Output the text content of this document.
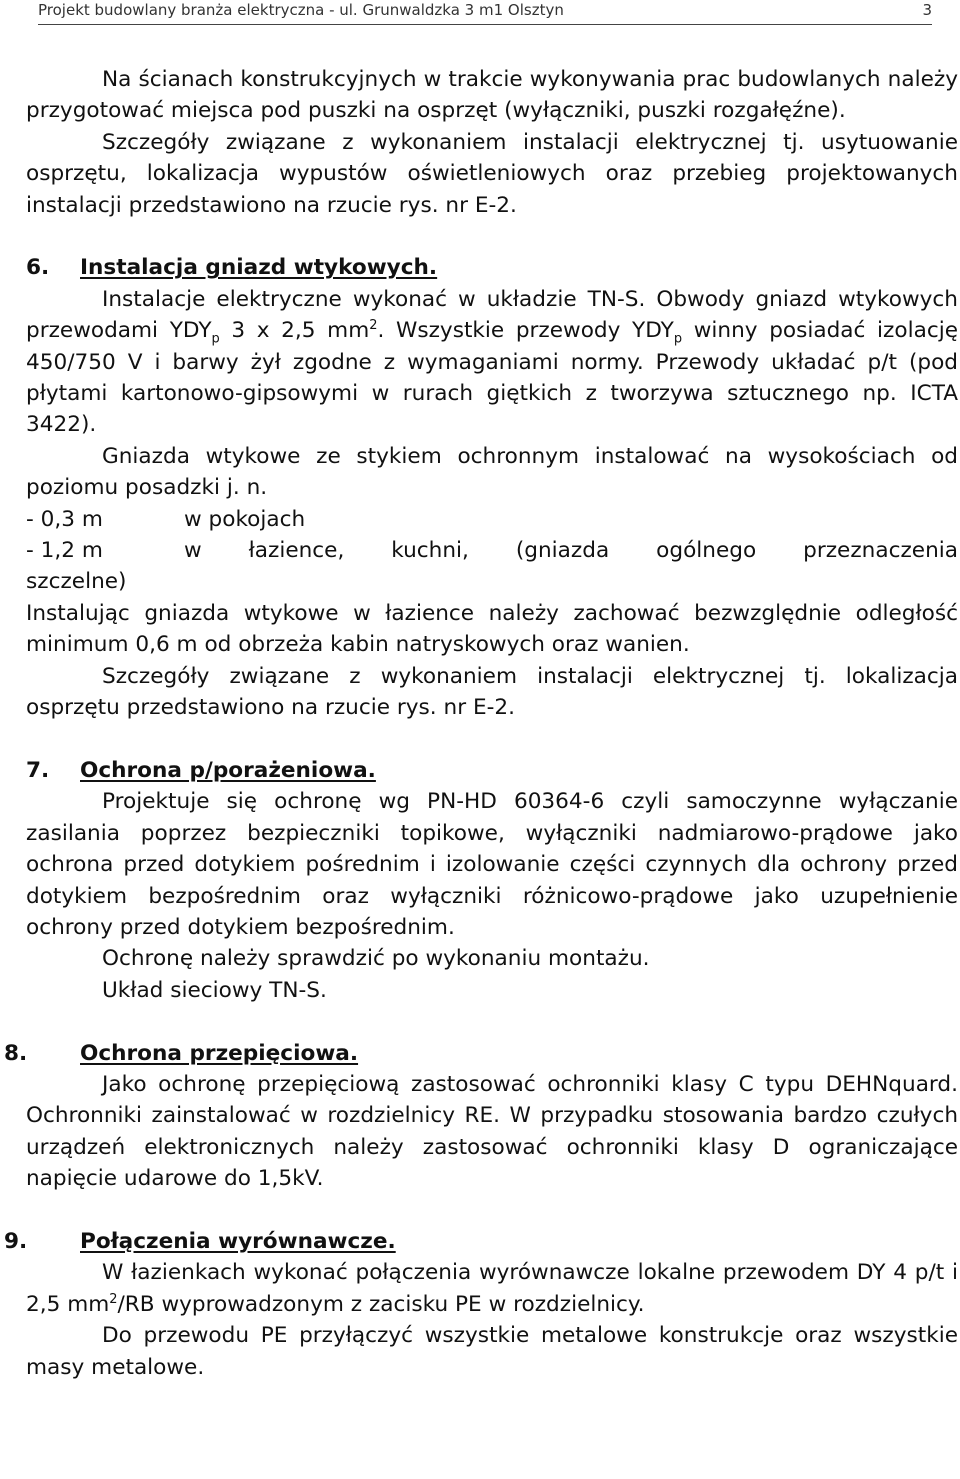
Projekt budowlany branża elektryczna - ul. Grunwaldzka 3 m1 Olsztyn	3

Na ścianach konstrukcyjnych w trakcie wykonywania prac budowlanych należy przygotować miejsca pod puszki na osprzęt (wyłączniki, puszki rozgałęźne).

Szczegóły związane z wykonaniem instalacji elektrycznej tj. usytuowanie osprzętu, lokalizacja wypustów oświetleniowych oraz przebieg projektowanych instalacji przedstawiono na rzucie rys. nr E-2.

6.	Instalacja gniazd wtykowych.

Instalacje elektryczne wykonać w układzie TN-S. Obwody gniazd wtykowych przewodami $YDY_p$ 3 x 2,5 $mm^2$. Wszystkie przewody $YDY_p$ winny posiadać izolację 450/750 V i barwy żył zgodne z wymaganiami normy. Przewody układać p/t (pod płytami kartonowo-gipsowymi w rurach giętkich z tworzywa sztucznego np. ICTA 3422).

Gniazda wtykowe ze stykiem ochronnym instalować na wysokościach od poziomu posadzki j. n.

- 0,3 m	w pokojach
- 1,2 m	w łazience, kuchni, (gniazda ogólnego przeznaczenia

szczelne)

Instalując gniazda wtykowe w łazience należy zachować bezwzględnie odległość minimum 0,6 m od obrzeża kabin natryskowych oraz wanien.

Szczegóły związane z wykonaniem instalacji elektrycznej tj. lokalizacja osprzętu przedstawiono na rzucie rys. nr E-2.

7.	Ochrona p/porażeniowa.

Projektuje się ochronę wg PN-HD 60364-6 czyli samoczynne wyłączanie zasilania poprzez bezpieczniki topikowe, wyłączniki nadmiarowo-prądowe jako ochrona przed dotykiem pośrednim i izolowanie części czynnych dla ochrony przed dotykiem bezpośrednim oraz wyłączniki różnicowo-prądowe jako uzupełnienie ochrony przed dotykiem bezpośrednim.

Ochronę należy sprawdzić po wykonaniu montażu.

Układ sieciowy TN-S.

8.	Ochrona przepięciowa.

Jako ochronę przepięciową zastosować ochronniki klasy C typu DEHNquard. Ochronniki zainstalować w rozdzielnicy RE. W przypadku stosowania bardzo czułych urządzeń elektronicznych należy zastosować ochronniki klasy D ograniczające napięcie udarowe do 1,5kV.

9.	Połączenia wyrównawcze.

W łazienkach wykonać połączenia wyrównawcze lokalne przewodem DY 4 p/t i 2,5 $mm^2/RB$ wyprowadzonym z zacisku PE w rozdzielnicy.

Do przewodu PE przyłączyć wszystkie metalowe konstrukcje oraz wszystkie masy metalowe.
